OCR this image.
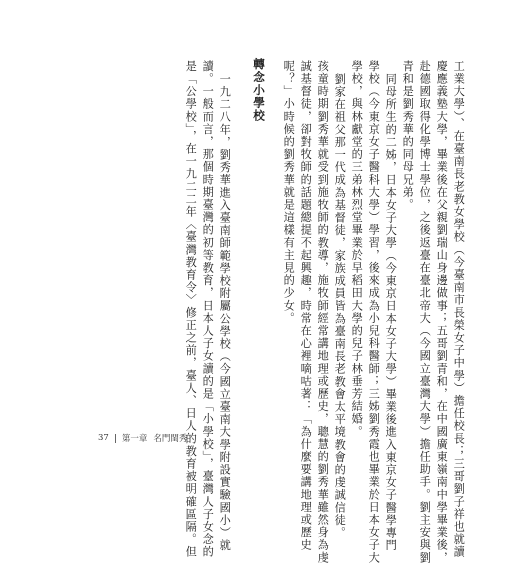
工業大學）、在臺南長老教女學校（今臺南市長榮女子中學）擔任校長；三哥劉子祥也就讀
慶應義塾大學，畢業後在父親劉瑞山身邊做事；五哥劉青和，在中國廣東嶺南中學畢業後，
赴德國取得化學博士學位，之後返臺在臺北帝大（今國立臺灣大學）擔任助手。劉主安與劉
青和是劉秀華的同母兄弟。
同母所生的二姊，日本女子大學（今東京日本女子大學）畢業後進入東京女子醫學專門
學校（今東京女子醫科大學）學習，後來成為小兒科醫師；三姊劉秀霞也畢業於日本女子大
學校，與林獻堂的三弟林烈堂畢業於早稻田大學的兒子林垂芳結婚。
劉家在祖父那一代成為基督徒，家族成員皆為臺南長老教會太平境教會的虔誠信徒。
孩童時期劉秀華就受到施牧師的教導，施牧師經常講地理或歷史，聰慧的劉秀華雖然身為虔
誠基督徒，卻對牧師的話題總提不起興趣，時常在心裡嘀咕著：「為什麼要講地理或歷史
呢？」小時候的劉秀華就是這樣有主見的少女。
轉念小學校
一九二八年，劉秀華進入臺南師範學校附屬公學校（今國立臺南大學附設實驗國小）就
讀。一般而言，那個時期臺灣的初等教育，日本人子女讀的是「小學校」，臺灣人子女念的
是「公學校」，在一九二二年〈臺灣教育令〉修正之前，臺人、日人的教育被明確區隔。但
37 第一章 名門閨秀
